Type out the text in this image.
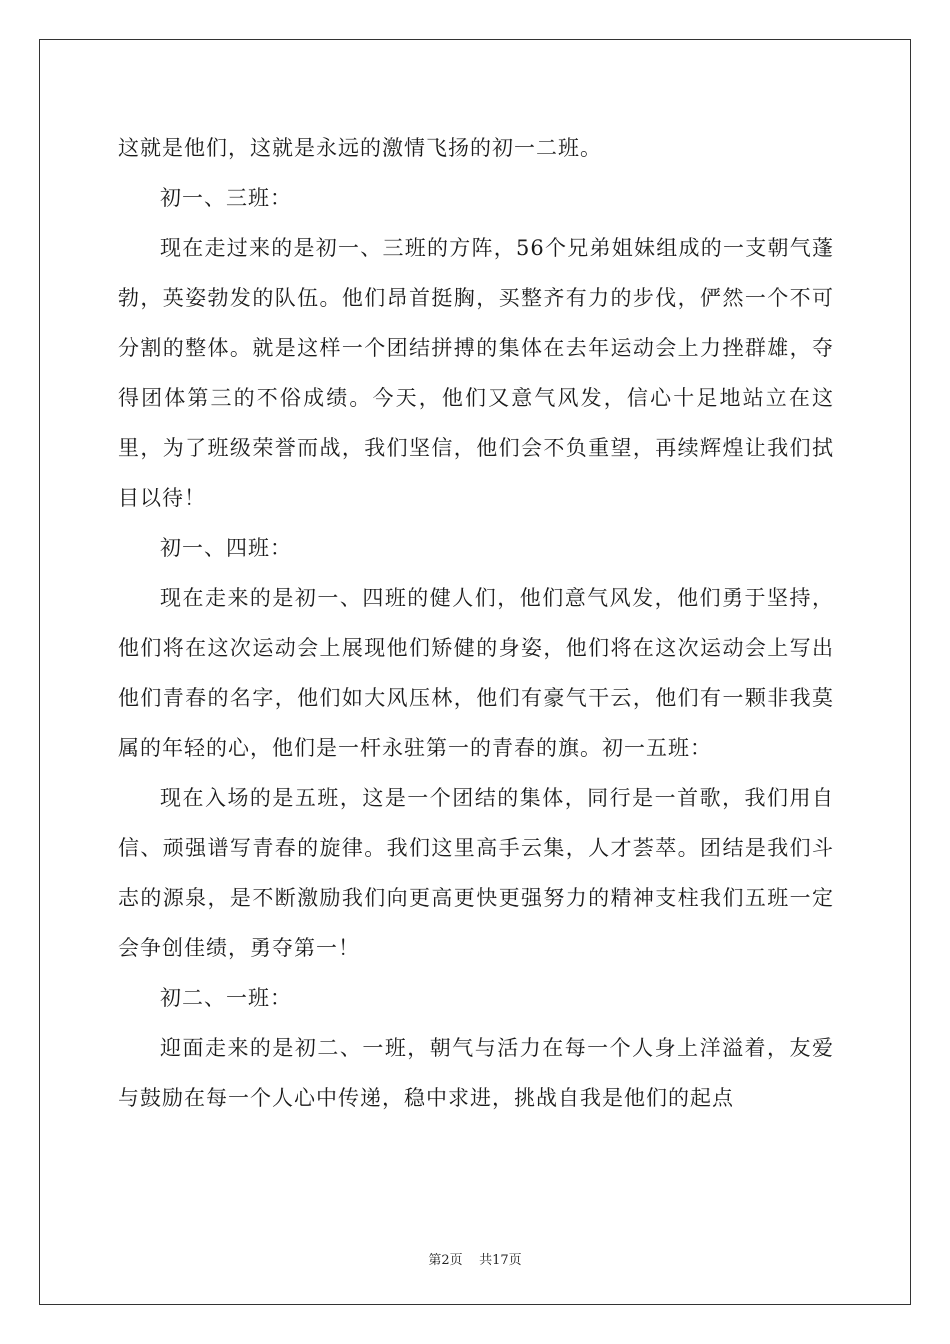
这就是他们，这就是永远的激情飞扬的初一二班。

初一、三班：

现在走过来的是初一、三班的方阵，56个兄弟姐妹组成的一支朝气蓬勃，英姿勃发的队伍。他们昂首挺胸，买整齐有力的步伐，俨然一个不可分割的整体。就是这样一个团结拼搏的集体在去年运动会上力挫群雄，夺得团体第三的不俗成绩。今天，他们又意气风发，信心十足地站立在这里，为了班级荣誉而战，我们坚信，他们会不负重望，再续辉煌让我们拭目以待！

初一、四班：

现在走来的是初一、四班的健人们，他们意气风发，他们勇于坚持，他们将在这次运动会上展现他们矫健的身姿，他们将在这次运动会上写出他们青春的名字，他们如大风压林，他们有豪气干云，他们有一颗非我莫属的年轻的心，他们是一杆永驻第一的青春的旗。初一五班：

现在入场的是五班，这是一个团结的集体，同行是一首歌，我们用自信、顽强谱写青春的旋律。我们这里高手云集，人才荟萃。团结是我们斗志的源泉，是不断激励我们向更高更快更强努力的精神支柱我们五班一定会争创佳绩，勇夺第一！

初二、一班：

迎面走来的是初二、一班，朝气与活力在每一个人身上洋溢着，友爱与鼓励在每一个人心中传递，稳中求进，挑战自我是他们的起点

第2页 共17页
